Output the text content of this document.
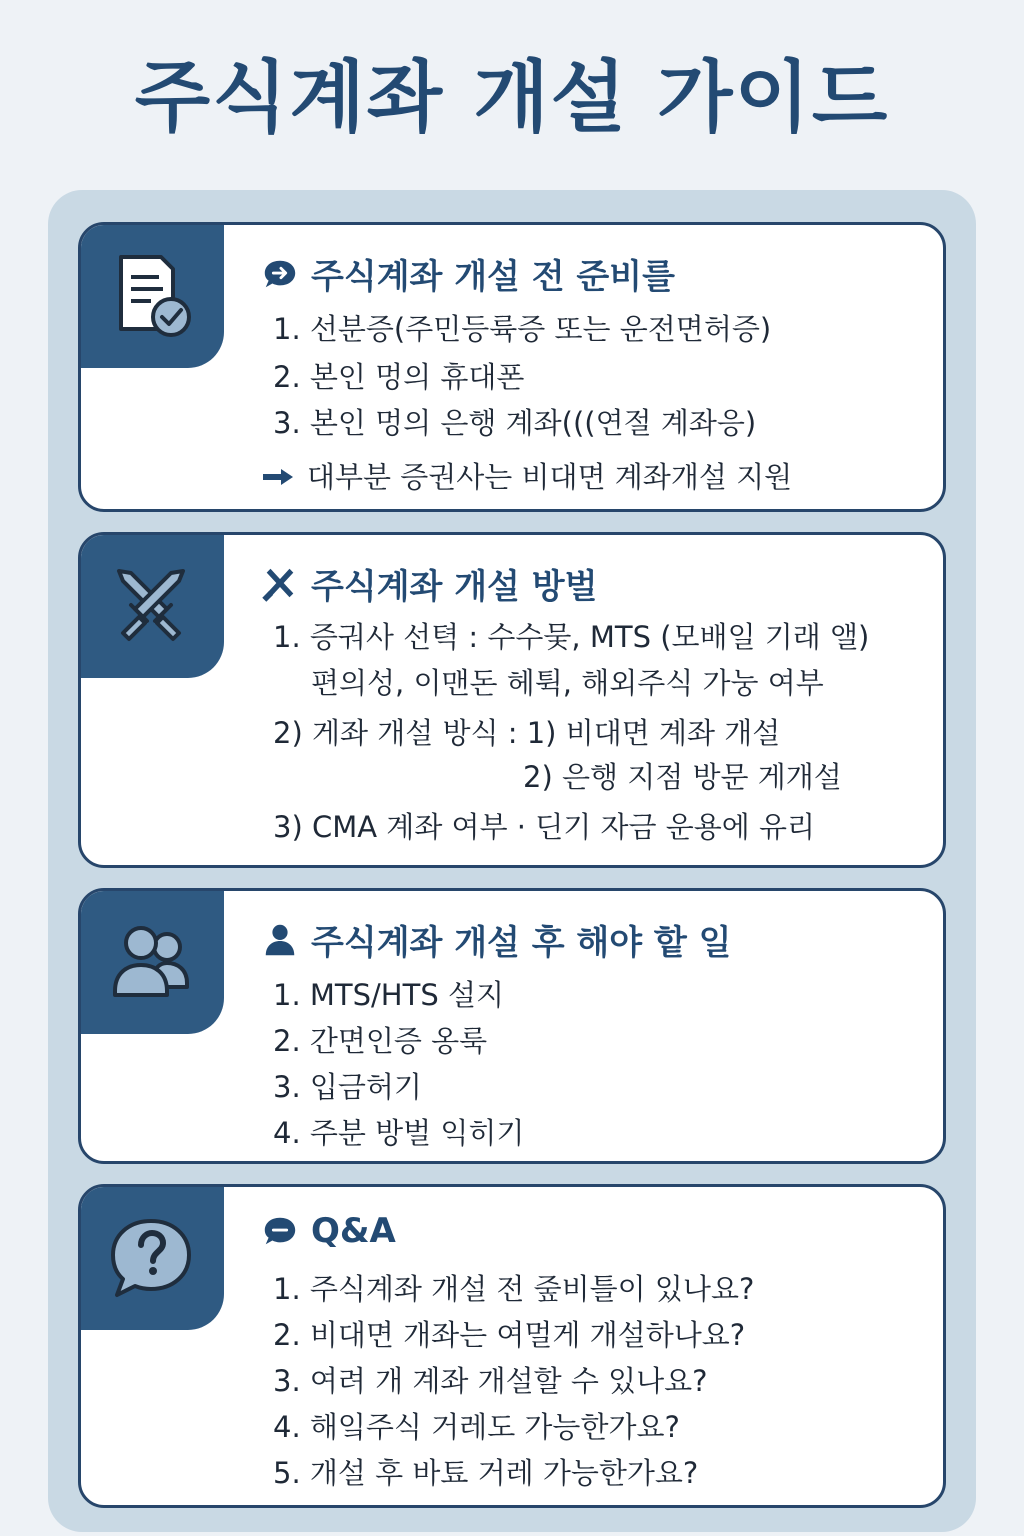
주식계좌 개설 가이드
주식계좌 개설 전 준비를
1. 선분증(주민등륙증 또는 운전면허증)
2. 본인 멍의 휴대폰
3. 본인 멍의 은행 계좌(((연절 계좌응)
대부분 증권사는 비대면 계좌개설 지원
주식계좌 개설 방벌
1. 증궈사 선텩 : 수수뭊, MTS (모배일 기래 앨)
편의성, 이맨돈 헤튁, 해외주식 가눙 여부
2) 게좌 개설 방식 : 1) 비대면 계좌 개설
2) 은행 지점 방문 게개설
3) CMA 계좌 여부 · 딘기 자금 운용에 유리
주식계좌 개설 후 해야 핱 일
1. MTS/HTS 설지
2. 간면인증 옹룩
3. 입금허기
4. 주분 방벌 익히기
Q&A
1. 주식계좌 개설 전 줖비틀이 있나요?
2. 비대면 개좌는 여멀게 개설하나요?
3. 여려 개 계좌 개설할 수 있나요?
4. 해잌주식 거레도 가능한가요?
5. 개설 후 바툐 거레 가능한가요?
